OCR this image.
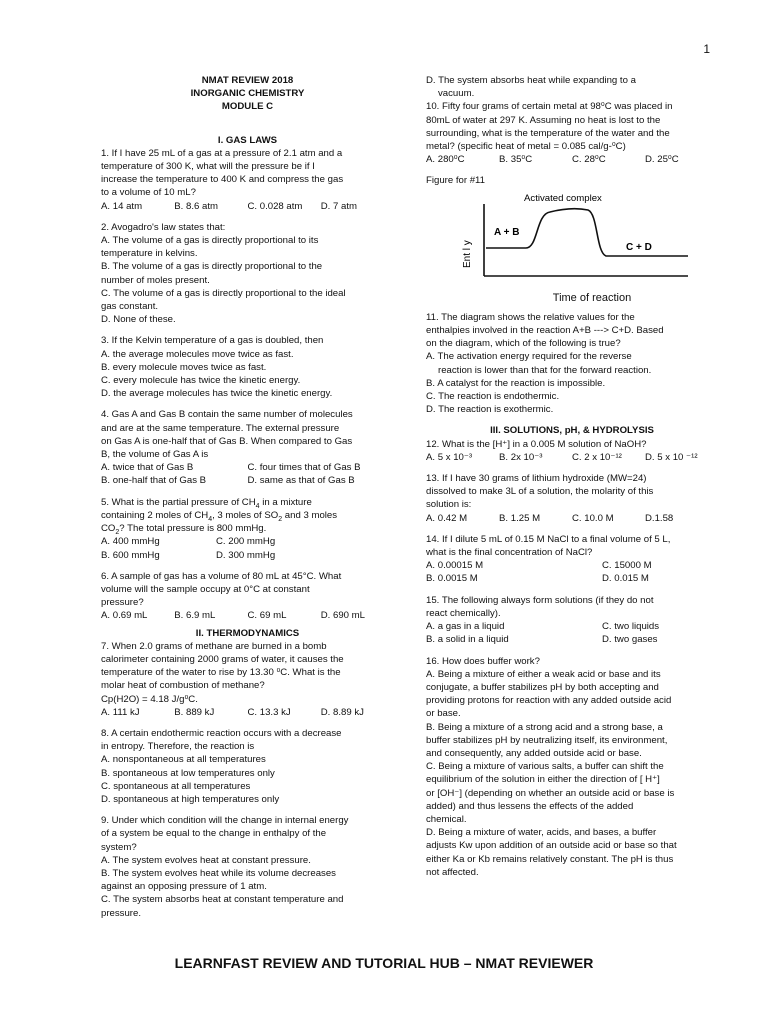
1
NMAT REVIEW 2018
INORGANIC CHEMISTRY
MODULE C
I. GAS LAWS
1. If I have 25 mL of a gas at a pressure of 2.1 atm and a
temperature of 300 K, what will the pressure be if I
increase the temperature to 400 K and compress the gas
to a volume of 10 mL?
A. 14 atm	B. 8.6 atm	C. 0.028 atm	D. 7 atm
2. Avogadro's law states that:
A. The volume of a gas is directly proportional to its
temperature in kelvins.
B. The volume of a gas is directly proportional to the
number of moles present.
C. The volume of a gas is directly proportional to the ideal
gas constant.
D. None of these.
3. If the Kelvin temperature of a gas is doubled, then
A. the average molecules move twice as fast.
B. every molecule moves twice as fast.
C. every molecule has twice the kinetic energy.
D. the average molecules has twice the kinetic energy.
4. Gas A and Gas B contain the same number of molecules
and are at the same temperature. The external pressure
on Gas A is one-half that of Gas B. When compared to Gas
B, the volume of Gas A is
A. twice that of Gas B	C. four times that of Gas B
B. one-half that of Gas B	D. same as that of Gas B
5. What is the partial pressure of $CH_4$ in a mixture
containing 2 moles of $CH_4$, 3 moles of $SO_2$ and 3 moles
$CO_2$? The total pressure is 800 mmHg.
A. 400 mmHg	C. 200 mmHg
B. 600 mmHg	D. 300 mmHg
6. A sample of gas has a volume of 80 mL at 45°C. What
volume will the sample occupy at 0°C at constant
pressure?
A. 0.69 mL	B. 6.9 mL	C. 69 mL	D. 690 mL
II. THERMODYNAMICS
7. When 2.0 grams of methane are burned in a bomb
calorimeter containing 2000 grams of water, it causes the
temperature of the water to rise by 13.30 ⁰C. What is the
molar heat of combustion of methane?
Cp(H2O) = 4.18 J/g⁰C.
A. 111 kJ	B. 889 kJ	C. 13.3 kJ	D. 8.89 kJ
8. A certain endothermic reaction occurs with a decrease
in entropy. Therefore, the reaction is
A. nonspontaneous at all temperatures
B. spontaneous at low temperatures only
C. spontaneous at all temperatures
D. spontaneous at high temperatures only
9. Under which condition will the change in internal energy
of a system be equal to the change in enthalpy of the
system?
A. The system evolves heat at constant pressure.
B. The system evolves heat while its volume decreases
against an opposing pressure of 1 atm.
C. The system absorbs heat at constant temperature and
pressure.
D. The system absorbs heat while expanding to a
vacuum.
10. Fifty four grams of certain metal at 98⁰C was placed in
80mL of water at 297 K. Assuming no heat is lost to the
surrounding, what is the temperature of the water and the
metal? (specific heat of metal = 0.085 cal/g-⁰C)
A. 280⁰C	B. 35⁰C	C. 28⁰C	D. 25⁰C
Figure for #11
Activated complex
Ent l y
A + B
C + D
Time of reaction
11. The diagram shows the relative values for the
enthalpies involved in the reaction A+B ---> C+D. Based
on the diagram, which of the following is true?
A. The activation energy required for the reverse
reaction is lower than that for the forward reaction.
B. A catalyst for the reaction is impossible.
C. The reaction is endothermic.
D. The reaction is exothermic.
III. SOLUTIONS, pH, & HYDROLYSIS
12. What is the [H⁺] in a 0.005 M solution of NaOH?
A. 5 x 10⁻³	B. 2x 10⁻³	C. 2 x 10⁻¹²	D. 5 x 10 ⁻¹²
13. If I have 30 grams of lithium hydroxide (MW=24)
dissolved to make 3L of a solution, the molarity of this
solution is:
A. 0.42 M	B. 1.25 M	C. 10.0 M	D.1.58
14. If I dilute 5 mL of 0.15 M NaCl to a final volume of 5 L,
what is the final concentration of NaCl?
A. 0.00015 M	C. 15000 M
B. 0.0015 M	D. 0.015 M
15. The following always form solutions (if they do not
react chemically).
A. a gas in a liquid	C. two liquids
B. a solid in a liquid	D. two gases
16. How does buffer work?
A. Being a mixture of either a weak acid or base and its
conjugate, a buffer stabilizes pH by both accepting and
providing protons for reaction with any added outside acid
or base.
B. Being a mixture of a strong acid and a strong base, a
buffer stabilizes pH by neutralizing itself, its environment,
and consequently, any added outside acid or base.
C. Being a mixture of various salts, a buffer can shift the
equilibrium of the solution in either the direction of [ H⁺]
or [OH⁻] (depending on whether an outside acid or base is
added) and thus lessens the effects of the added
chemical.
D. Being a mixture of water, acids, and bases, a buffer
adjusts Kw upon addition of an outside acid or base so that
either Ka or Kb remains relatively constant. The pH is thus
not affected.
LEARNFAST REVIEW AND TUTORIAL HUB – NMAT REVIEWER
